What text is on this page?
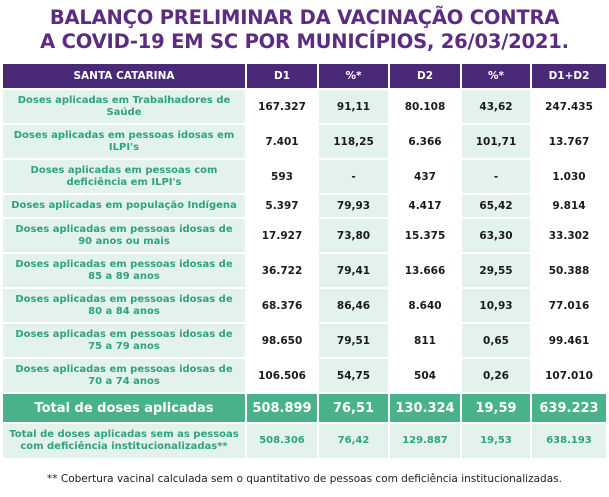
BALANÇO PRELIMINAR DA VACINAÇÃO CONTRA
A COVID-19 EM SC POR MUNICÍPIOS, 26/03/2021.
SANTA CATARINA	D1	%*	D2	%*	D1+D2
Doses aplicadas em Trabalhadores de Saúde	167.327	91,11	80.108	43,62	247.435
Doses aplicadas em pessoas idosas em ILPI's	7.401	118,25	6.366	101,71	13.767
Doses aplicadas em pessoas com deficiência em ILPI's	593	-	437	-	1.030
Doses aplicadas em população Indígena	5.397	79,93	4.417	65,42	9.814
Doses aplicadas em pessoas idosas de 90 anos ou mais	17.927	73,80	15.375	63,30	33.302
Doses aplicadas em pessoas idosas de 85 a 89 anos	36.722	79,41	13.666	29,55	50.388
Doses aplicadas em pessoas idosas de 80 a 84 anos	68.376	86,46	8.640	10,93	77.016
Doses aplicadas em pessoas idosas de 75 a 79 anos	98.650	79,51	811	0,65	99.461
Doses aplicadas em pessoas idosas de 70 a 74 anos	106.506	54,75	504	0,26	107.010
Total de doses aplicadas	508.899	76,51	130.324	19,59	639.223
Total de doses aplicadas sem as pessoas com deficiência institucionalizadas**	508.306	76,42	129.887	19,53	638.193
** Cobertura vacinal calculada sem o quantitativo de pessoas com deficiência institucionalizadas.
